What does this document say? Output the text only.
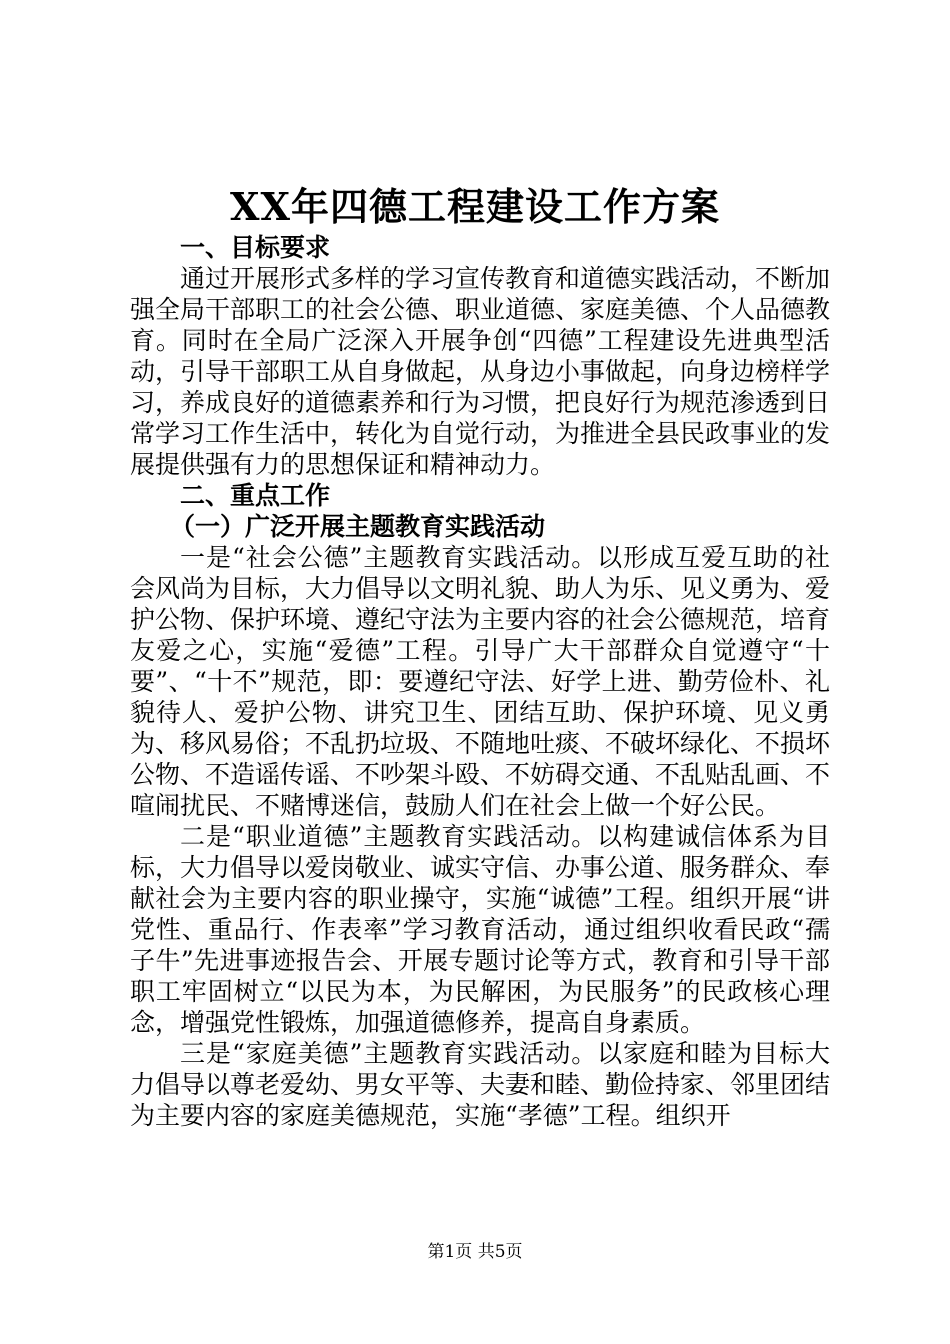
XX年四德工程建设工作方案

一、目标要求

通过开展形式多样的学习宣传教育和道德实践活动，不断加强全局干部职工的社会公德、职业道德、家庭美德、个人品德教育。同时在全局广泛深入开展争创“四德”工程建设先进典型活动，引导干部职工从自身做起，从身边小事做起，向身边榜样学习，养成良好的道德素养和行为习惯，把良好行为规范渗透到日常学习工作生活中，转化为自觉行动，为推进全县民政事业的发展提供强有力的思想保证和精神动力。

二、重点工作

（一）广泛开展主题教育实践活动

一是“社会公德”主题教育实践活动。以形成互爱互助的社会风尚为目标，大力倡导以文明礼貌、助人为乐、见义勇为、爱护公物、保护环境、遵纪守法为主要内容的社会公德规范，培育友爱之心，实施“爱德”工程。引导广大干部群众自觉遵守“十要”、“十不”规范，即：要遵纪守法、好学上进、勤劳俭朴、礼貌待人、爱护公物、讲究卫生、团结互助、保护环境、见义勇为、移风易俗；不乱扔垃圾、不随地吐痰、不破坏绿化、不损坏公物、不造谣传谣、不吵架斗殴、不妨碍交通、不乱贴乱画、不喧闹扰民、不赌博迷信，鼓励人们在社会上做一个好公民。

二是“职业道德”主题教育实践活动。以构建诚信体系为目标，大力倡导以爱岗敬业、诚实守信、办事公道、服务群众、奉献社会为主要内容的职业操守，实施“诚德”工程。组织开展“讲党性、重品行、作表率”学习教育活动，通过组织收看民政“孺子牛”先进事迹报告会、开展专题讨论等方式，教育和引导干部职工牢固树立“以民为本，为民解困，为民服务”的民政核心理念，增强党性锻炼，加强道德修养，提高自身素质。

三是“家庭美德”主题教育实践活动。以家庭和睦为目标大力倡导以尊老爱幼、男女平等、夫妻和睦、勤俭持家、邻里团结为主要内容的家庭美德规范，实施“孝德”工程。组织开

第1页 共5页
